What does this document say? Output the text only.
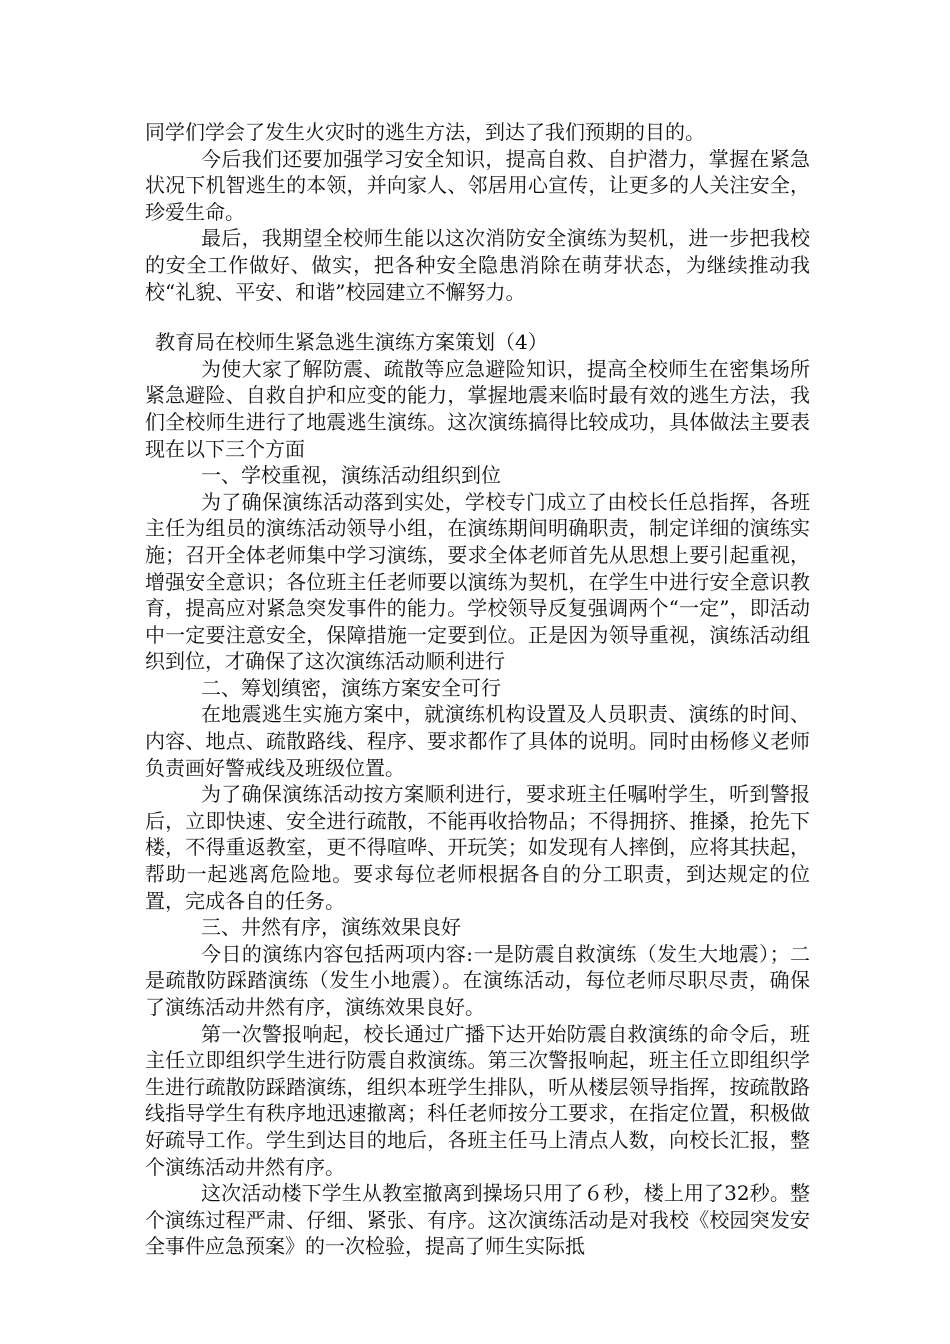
同学们学会了发生火灾时的逃生方法，到达了我们预期的目的。

今后我们还要加强学习安全知识，提高自救、自护潜力，掌握在紧急状况下机智逃生的本领，并向家人、邻居用心宣传，让更多的人关注安全，珍爱生命。

最后，我期望全校师生能以这次消防安全演练为契机，进一步把我校的安全工作做好、做实，把各种安全隐患消除在萌芽状态，为继续推动我校“礼貌、平安、和谐”校园建立不懈努力。

教育局在校师生紧急逃生演练方案策划（4）

为使大家了解防震、疏散等应急避险知识，提高全校师生在密集场所紧急避险、自救自护和应变的能力，掌握地震来临时最有效的逃生方法，我们全校师生进行了地震逃生演练。这次演练搞得比较成功，具体做法主要表现在以下三个方面

一、学校重视，演练活动组织到位

为了确保演练活动落到实处，学校专门成立了由校长任总指挥，各班主任为组员的演练活动领导小组，在演练期间明确职责，制定详细的演练实施；召开全体老师集中学习演练，要求全体老师首先从思想上要引起重视，增强安全意识；各位班主任老师要以演练为契机，在学生中进行安全意识教育，提高应对紧急突发事件的能力。学校领导反复强调两个“一定”，即活动中一定要注意安全，保障措施一定要到位。正是因为领导重视，演练活动组织到位，才确保了这次演练活动顺利进行

二、筹划缜密，演练方案安全可行

在地震逃生实施方案中，就演练机构设置及人员职责、演练的时间、内容、地点、疏散路线、程序、要求都作了具体的说明。同时由杨修义老师负责画好警戒线及班级位置。

为了确保演练活动按方案顺利进行，要求班主任嘱咐学生，听到警报后，立即快速、安全进行疏散，不能再收拾物品；不得拥挤、推搡，抢先下楼，不得重返教室，更不得喧哗、开玩笑；如发现有人摔倒，应将其扶起，帮助一起逃离危险地。要求每位老师根据各自的分工职责，到达规定的位置，完成各自的任务。

三、井然有序，演练效果良好

今日的演练内容包括两项内容:一是防震自救演练（发生大地震）；二是疏散防踩踏演练（发生小地震）。在演练活动，每位老师尽职尽责，确保了演练活动井然有序，演练效果良好。

第一次警报响起，校长通过广播下达开始防震自救演练的命令后，班主任立即组织学生进行防震自救演练。第三次警报响起，班主任立即组织学生进行疏散防踩踏演练，组织本班学生排队，听从楼层领导指挥，按疏散路线指导学生有秩序地迅速撤离；科任老师按分工要求，在指定位置，积极做好疏导工作。学生到达目的地后，各班主任马上清点人数，向校长汇报，整个演练活动井然有序。

这次活动楼下学生从教室撤离到操场只用了６秒，楼上用了32秒。整个演练过程严肃、仔细、紧张、有序。这次演练活动是对我校《校园突发安全事件应急预案》的一次检验，提高了师生实际抵
